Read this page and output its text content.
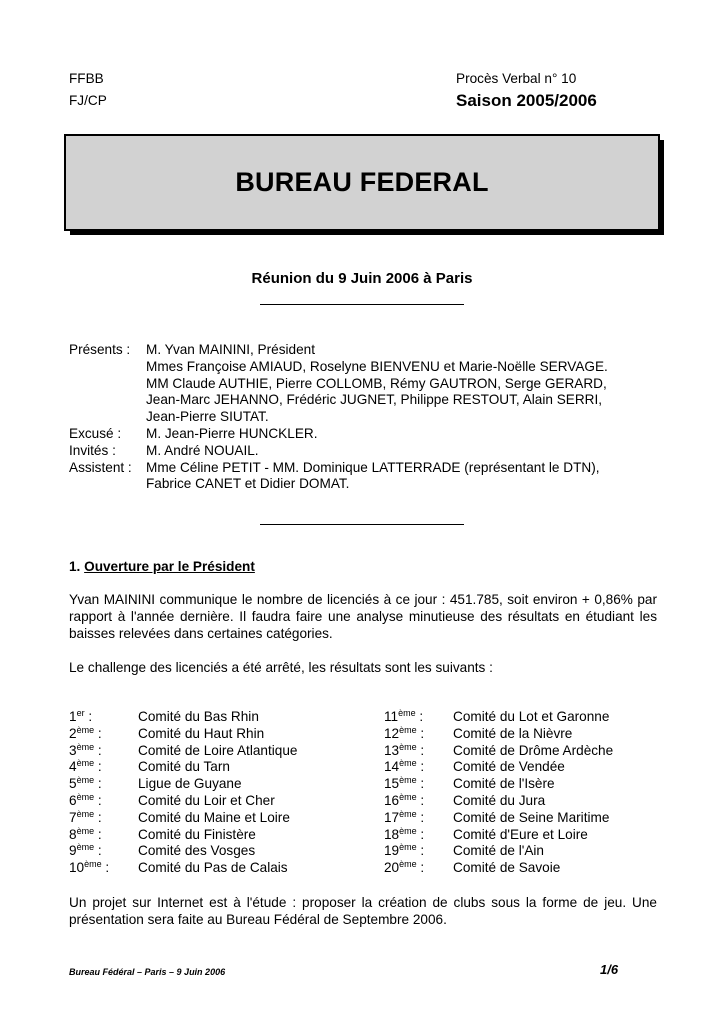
FFBB
FJ/CP
Procès Verbal n° 10
Saison 2005/2006
BUREAU FEDERAL
Réunion du 9 Juin 2006 à Paris
Présents :	M. Yvan MAININI, Président
Mmes Françoise AMIAUD, Roselyne BIENVENU et Marie-Noëlle SERVAGE.
MM Claude AUTHIE, Pierre COLLOMB, Rémy GAUTRON, Serge GERARD,
Jean-Marc JEHANNO, Frédéric JUGNET, Philippe RESTOUT, Alain SERRI,
Jean-Pierre SIUTAT.
Excusé :	M. Jean-Pierre HUNCKLER.
Invités :	M. André NOUAIL.
Assistent :	Mme Céline PETIT - MM. Dominique LATTERRADE (représentant le DTN),
Fabrice CANET et Didier DOMAT.
1. Ouverture par le Président
Yvan MAININI communique le nombre de licenciés à ce jour : 451.785, soit environ + 0,86% par rapport à l'année dernière. Il faudra faire une analyse minutieuse des résultats en étudiant les baisses relevées dans certaines catégories.
Le challenge des licenciés a été arrêté, les résultats sont les suivants :
1er :	Comité du Bas Rhin
2ème :	Comité du Haut Rhin
3ème :	Comité de Loire Atlantique
4ème :	Comité du Tarn
5ème :	Ligue de Guyane
6ème :	Comité du Loir et Cher
7ème :	Comité du Maine et Loire
8ème :	Comité du Finistère
9ème :	Comité des Vosges
10ème :	Comité du Pas de Calais
11ème :	Comité du Lot et Garonne
12ème :	Comité de la Nièvre
13ème :	Comité de Drôme Ardèche
14ème :	Comité de Vendée
15ème :	Comité de l'Isère
16ème :	Comité du Jura
17ème :	Comité de Seine Maritime
18ème :	Comité d'Eure et Loire
19ème :	Comité de l'Ain
20ème :	Comité de Savoie
Un projet sur Internet est à l'étude : proposer la création de clubs sous la forme de jeu. Une présentation sera faite au Bureau Fédéral de Septembre 2006.
Bureau Fédéral – Paris – 9 Juin 2006	1/6
